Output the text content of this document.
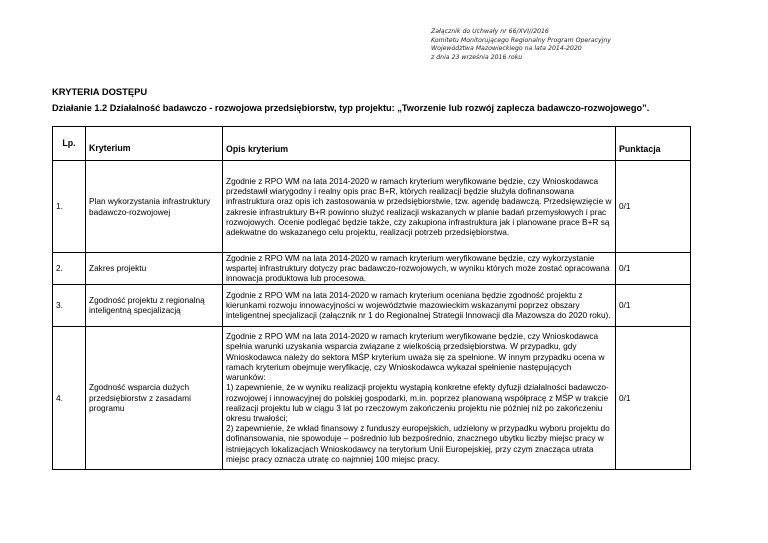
Załącznik do Uchwały nr 66/XVI//2016
Komitetu Monitorującego Regionalny Program Operacyjny
Województwa Mazowieckiego na lata 2014-2020
z dnia 23 września 2016 roku
KRYTERIA DOSTĘPU
Działanie 1.2 Działalność badawczo - rozwojowa przedsiębiorstw, typ projektu: „Tworzenie lub rozwój zaplecza badawczo-rozwojowego”.
Lp.	Kryterium	Opis kryterium	Punktacja
1.	Plan wykorzystania infrastruktury badawczo-rozwojowej	Zgodnie z RPO WM na lata 2014-2020 w ramach kryterium weryfikowane będzie, czy Wnioskodawca przedstawił wiarygodny i realny opis prac B+R, których realizacji będzie służyła dofinansowana infrastruktura oraz opis ich zastosowania w przedsiębiorstwie, tzw. agendę badawczą. Przedsięwzięcie w zakresie infrastruktury B+R powinno służyć realizacji wskazanych w planie badań przemysłowych i prac rozwojowych. Ocenie podlegać będzie także, czy zakupiona infrastruktura jak i planowane prace B+R są adekwatne do wskazanego celu projektu, realizacji potrzeb przedsiębiorstwa.	0/1
2.	Zakres projektu	Zgodnie z RPO WM na lata 2014-2020 w ramach kryterium weryfikowane będzie, czy wykorzystanie wspartej infrastruktury dotyczy prac badawczo-rozwojowych, w wyniku których może zostać opracowana innowacja produktowa lub procesowa.	0/1
3.	Zgodność projektu z regionalną inteligentną specjalizacją	Zgodnie z RPO WM na lata 2014-2020 w ramach kryterium oceniana będzie zgodność projektu z kierunkami rozwoju innowacyjności w województwie mazowieckim wskazanymi poprzez obszary inteligentnej specjalizacji (załącznik nr 1 do Regionalnej Strategii Innowacji dla Mazowsza do 2020 roku).	0/1
4.	Zgodność wsparcia dużych przedsiębiorstw z zasadami programu	Zgodnie z RPO WM na lata 2014-2020 w ramach kryterium weryfikowane będzie, czy Wnioskodawca spełnia warunki uzyskania wsparcia związane z wielkością przedsiębiorstwa. W przypadku, gdy Wnioskodawca należy do sektora MŚP kryterium uważa się za spełnione. W innym przypadku ocena w ramach kryterium obejmuje weryfikację, czy Wnioskodawca wykazał spełnienie następujących warunków:
1) zapewnienie, że w wyniku realizacji projektu wystąpią konkretne efekty dyfuzji działalności badawczo-rozwojowej i innowacyjnej do polskiej gospodarki, m.in. poprzez planowaną współpracę z MŚP w trakcie realizacji projektu lub w ciągu 3 lat po rzeczowym zakończeniu projektu nie później niż po zakończeniu okresu trwałości;
2) zapewnienie, że wkład finansowy z funduszy europejskich, udzielony w przypadku wyboru projektu do dofinansowania, nie spowoduje – pośrednio lub bezpośrednio, znacznego ubytku liczby miejsc pracy w istniejących lokalizacjach Wnioskodawcy na terytorium Unii Europejskiej, przy czym znacząca utrata miejsc pracy oznacza utratę co najmniej 100 miejsc pracy.	0/1
